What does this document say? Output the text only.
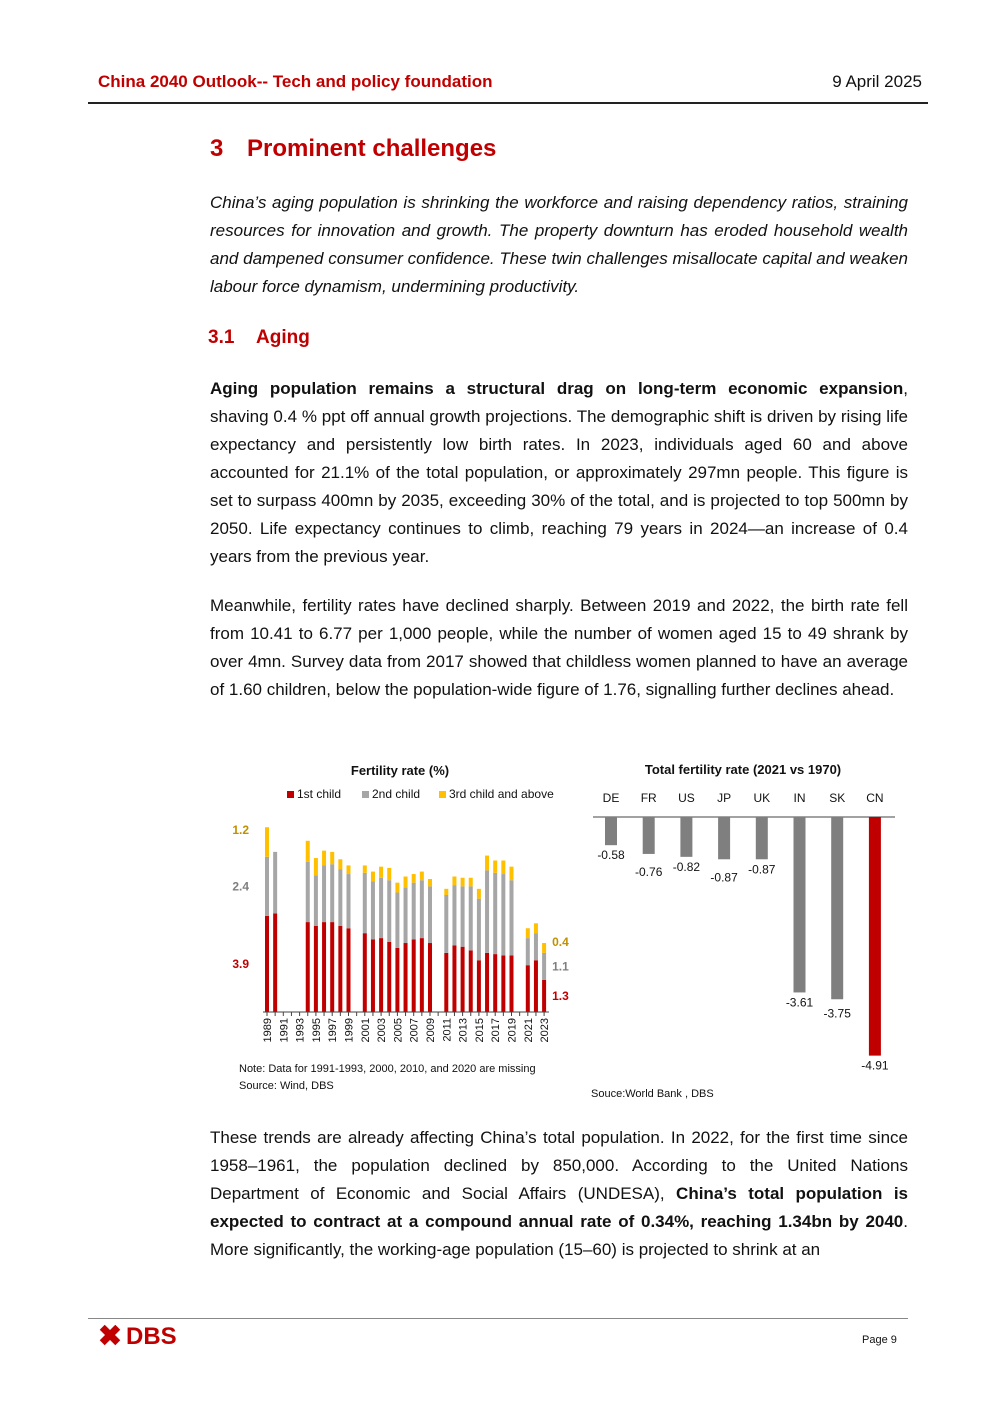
China 2040 Outlook-- Tech and policy foundation	9 April 2025
3 Prominent challenges
China’s aging population is shrinking the workforce and raising dependency ratios, straining resources for innovation and growth. The property downturn has eroded household wealth and dampened consumer confidence. These twin challenges misallocate capital and weaken labour force dynamism, undermining productivity.
3.1 Aging

Aging population remains a structural drag on long-term economic expansion, shaving 0.4 % ppt off annual growth projections. The demographic shift is driven by rising life expectancy and persistently low birth rates. In 2023, individuals aged 60 and above accounted for 21.1% of the total population, or approximately 297mn people. This figure is set to surpass 400mn by 2035, exceeding 30% of the total, and is projected to top 500mn by 2050. Life expectancy continues to climb, reaching 79 years in 2024—an increase of 0.4 years from the previous year.

Meanwhile, fertility rates have declined sharply. Between 2019 and 2022, the birth rate fell from 10.41 to 6.77 per 1,000 people, while the number of women aged 15 to 49 shrank by over 4mn. Survey data from 2017 showed that childless women planned to have an average of 1.60 children, below the population-wide figure of 1.76, signalling further declines ahead.

Fertility rate (%)
1st child	2nd child 3rd child and above
1989 1991 1993 1995 1997 1999 2001 2003 2005 2007 2009 2011 2013 2015 2017 2019 2021 2023
3.9
2.4
1.2
1.3
1.1
0.4
Note: Data for 1991-1993, 2000, 2010, and 2020 are missing
Source: Wind, DBS
Total fertility rate (2021 vs 1970)
DE
-0.58
FR
-0.76
US
-0.82
JP
-0.87
UK
-0.87
IN
-3.61
SK
-3.75
CN
-4.91
Souce:World Bank , DBS

These trends are already affecting China’s total population. In 2022, for the first time since 1958–1961, the population declined by 850,000. According to the United Nations Department of Economic and Social Affairs (UNDESA), China’s total population is expected to contract at a compound annual rate of 0.34%, reaching 1.34bn by 2040. More significantly, the working-age population (15–60) is projected to shrink at an

DBS	Page 9
